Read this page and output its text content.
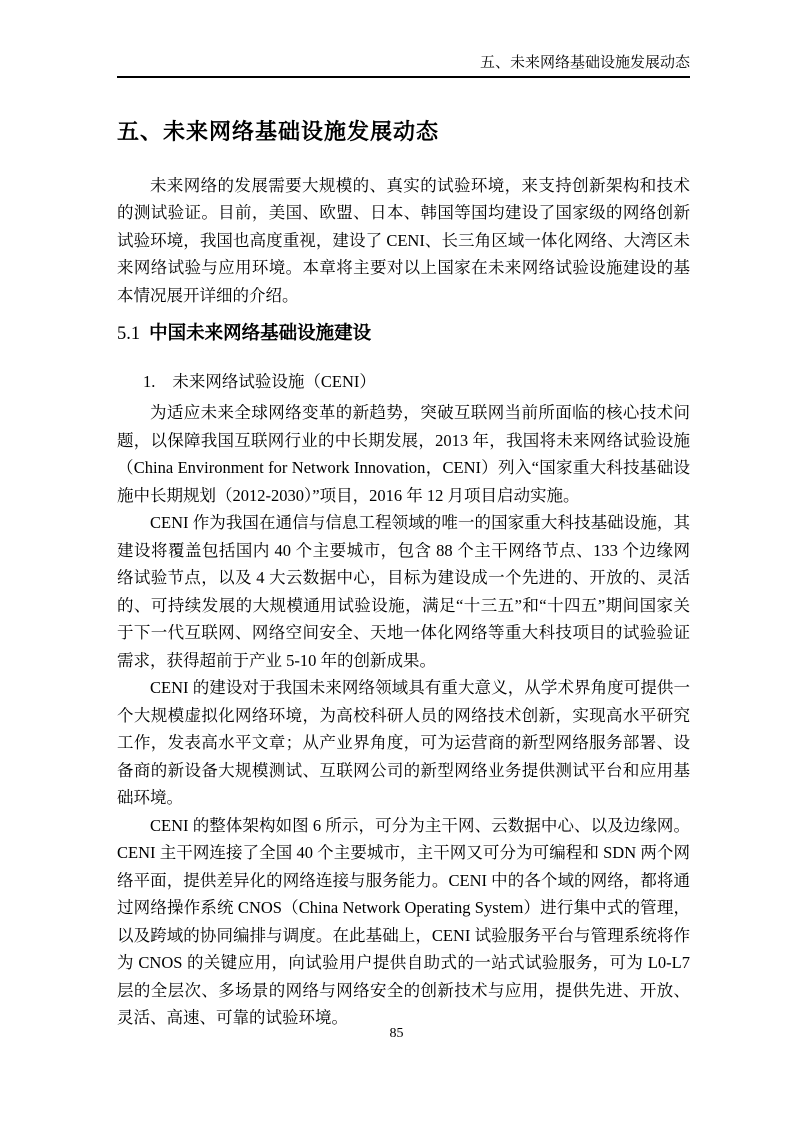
五、未来网络基础设施发展动态
五、未来网络基础设施发展动态

未来网络的发展需要大规模的、真实的试验环境，来支持创新架构和技术的测试验证。目前，美国、欧盟、日本、韩国等国均建设了国家级的网络创新试验环境，我国也高度重视，建设了 CENI、长三角区域一体化网络、大湾区未来网络试验与应用环境。本章将主要对以上国家在未来网络试验设施建设的基本情况展开详细的介绍。

5.1 中国未来网络基础设施建设
1. 未来网络试验设施（CENI）

为适应未来全球网络变革的新趋势，突破互联网当前所面临的核心技术问题，以保障我国互联网行业的中长期发展，2013 年，我国将未来网络试验设施（China Environment for Network Innovation，CENI）列入“国家重大科技基础设施中长期规划（2012-2030）”项目，2016 年 12 月项目启动实施。

CENI 作为我国在通信与信息工程领域的唯一的国家重大科技基础设施，其建设将覆盖包括国内 40 个主要城市，包含 88 个主干网络节点、133 个边缘网络试验节点，以及 4 大云数据中心，目标为建设成一个先进的、开放的、灵活的、可持续发展的大规模通用试验设施，满足“十三五”和“十四五”期间国家关于下一代互联网、网络空间安全、天地一体化网络等重大科技项目的试验验证需求，获得超前于产业 5-10 年的创新成果。

CENI 的建设对于我国未来网络领域具有重大意义，从学术界角度可提供一个大规模虚拟化网络环境，为高校科研人员的网络技术创新，实现高水平研究工作，发表高水平文章；从产业界角度，可为运营商的新型网络服务部署、设备商的新设备大规模测试、互联网公司的新型网络业务提供测试平台和应用基础环境。

CENI 的整体架构如图 6 所示，可分为主干网、云数据中心、以及边缘网。CENI 主干网连接了全国 40 个主要城市，主干网又可分为可编程和 SDN 两个网络平面，提供差异化的网络连接与服务能力。CENI 中的各个域的网络，都将通过网络操作系统 CNOS（China Network Operating System）进行集中式的管理，以及跨域的协同编排与调度。在此基础上，CENI 试验服务平台与管理系统将作为 CNOS 的关键应用，向试验用户提供自助式的一站式试验服务，可为 L0-L7 层的全层次、多场景的网络与网络安全的创新技术与应用，提供先进、开放、灵活、高速、可靠的试验环境。

85
